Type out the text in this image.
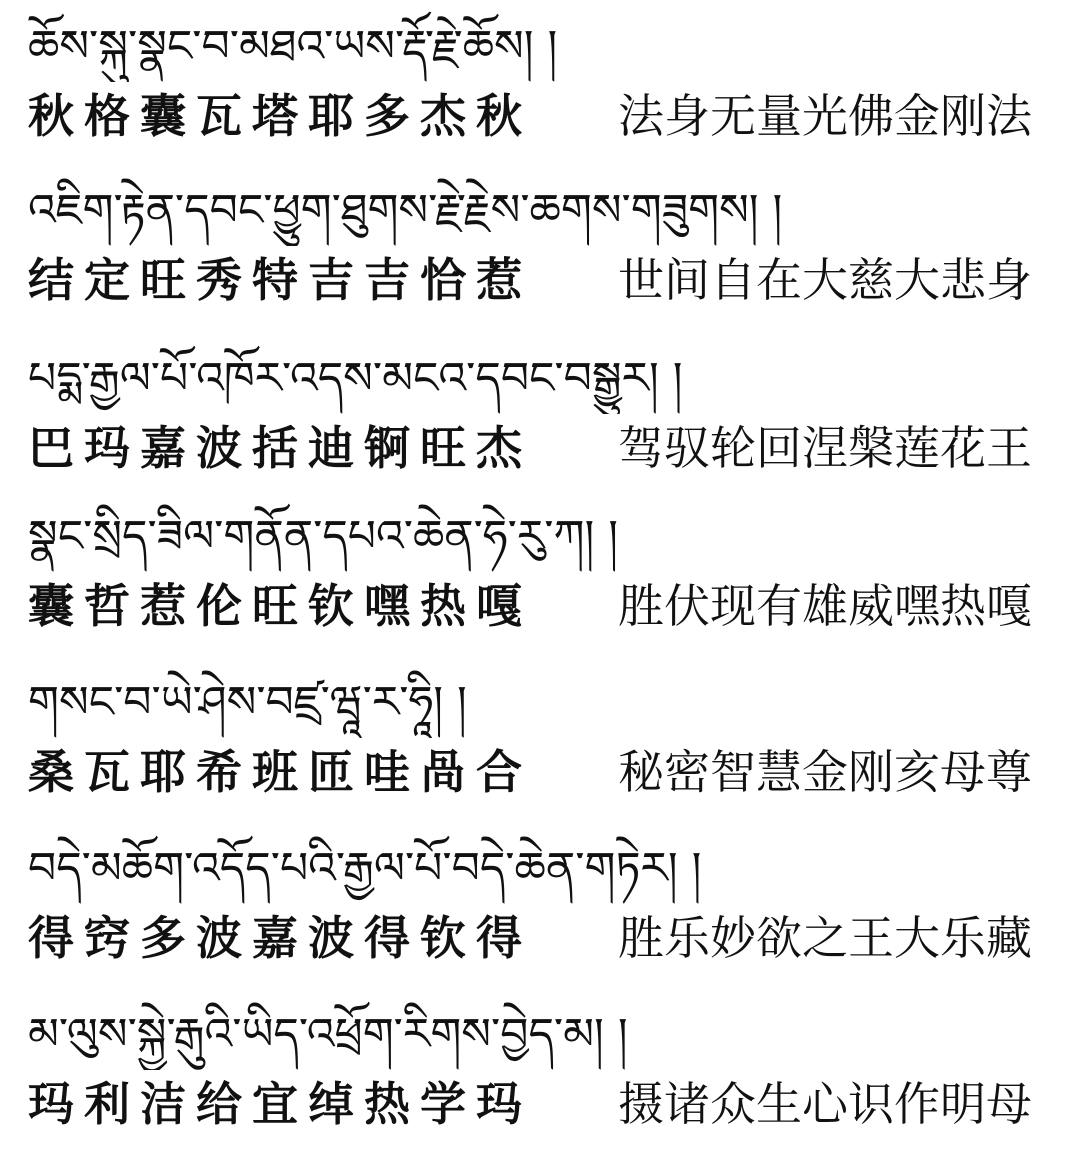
ཆོས་སྐུ་སྣང་བ་མཐའ་ཡས་རྡོ་རྗེ་ཆོས། །
秋格囊瓦塔耶多杰秋	法身无量光佛金刚法
འཇིག་རྟེན་དབང་ཕྱུག་ཐུགས་རྗེ་རྗེས་ཆགས་གཟུགས། །
结定旺秀特吉吉恰惹	世间自在大慈大悲身
པདྨ་རྒྱལ་པོ་འཁོར་འདས་མངའ་དབང་བསྒྱུར། །
巴玛嘉波括迪锕旺杰	驾驭轮回涅槃莲花王
སྣང་སྲིད་ཟིལ་གནོན་དཔའ་ཆེན་ཧེ་རུ་ཀ། །
囊哲惹伦旺钦嘿热嘎	胜伏现有雄威嘿热嘎
གསང་བ་ཡེ་ཤེས་བཛྲ་ཝཱ་ར་ཧཱི། །
桑瓦耶希班匝哇咼合	秘密智慧金刚亥母尊
བདེ་མཆོག་འདོད་པའི་རྒྱལ་པོ་བདེ་ཆེན་གཏེར། །
得窍多波嘉波得钦得	胜乐妙欲之王大乐藏
མ་ལུས་སྐྱེ་རྒུའི་ཡིད་འཕྲོག་རིགས་བྱེད་མ། །
玛利洁给宜绰热学玛	摄诸众生心识作明母
